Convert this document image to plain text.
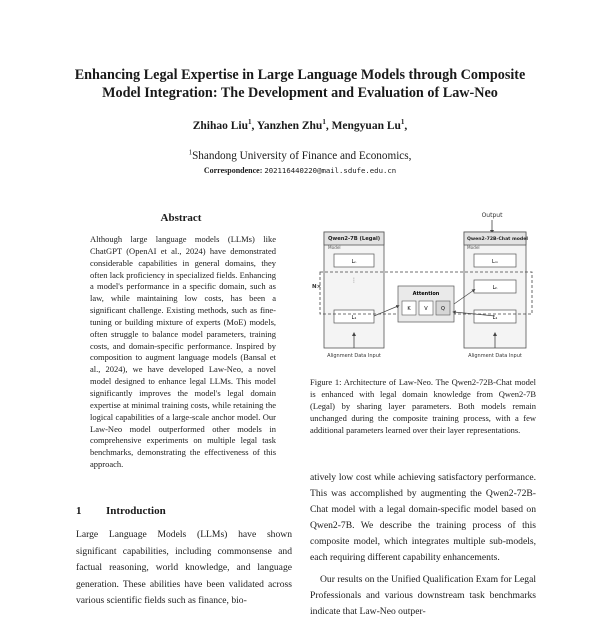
Enhancing Legal Expertise in Large Language Models through Composite
Model Integration: The Development and Evaluation of Law-Neo
Zhihao Liu$^1$, Yanzhen Zhu$^1$, Mengyuan Lu$^1$,
$^1$Shandong University of Finance and Economics,
Correspondence: 202116440220@mail.sdufe.edu.cn
Abstract
Although large language models (LLMs) like ChatGPT (OpenAI et al., 2024) have demonstrated considerable capabilities in general domains, they often lack proficiency in specialized fields. Enhancing a model's performance in a specific domain, such as law, while maintaining low costs, has been a significant challenge. Existing methods, such as fine-tuning or building mixture of experts (MoE) models, often struggle to balance model parameters, training costs, and domain-specific performance. Inspired by composition to augment language models (Bansal et al., 2024), we have developed Law-Neo, a novel model designed to enhance legal LLMs. This model significantly improves the model's legal domain expertise at minimal training costs, while retaining the logical capabilities of a large-scale anchor model. Our Law-Neo model outperformed other models in comprehensive experiments on multiple legal task benchmarks, demonstrating the effectiveness of this approach.
1 Introduction
Large Language Models (LLMs) have shown significant capabilities, including commonsense and factual reasoning, world knowledge, and language generation. These abilities have been validated across various scientific fields such as finance, bio-
Output
Qwen2-7B (Legal)
Model
Lₙ
⋮
L₁
N×
Qwen2-72B-Chat model
Model
Lₘ
Lₕ
L₁
Attention
K	V	Q
Alignment Data Input	Alignment Data Input
Figure 1: Architecture of Law-Neo. The Qwen2-72B-Chat model is enhanced with legal domain knowledge from Qwen2-7B (Legal) by sharing layer parameters. Both models remain unchanged during the composite training process, with a few additional parameters learned over their layer representations.

atively low cost while achieving satisfactory performance. This was accomplished by augmenting the Qwen2-72B-Chat model with a legal domain-specific model based on Qwen2-7B. We describe the training process of this composite model, which integrates multiple sub-models, each requiring different capability enhancements.

Our results on the Unified Qualification Exam for Legal Professionals and various downstream task benchmarks indicate that Law-Neo outper-
